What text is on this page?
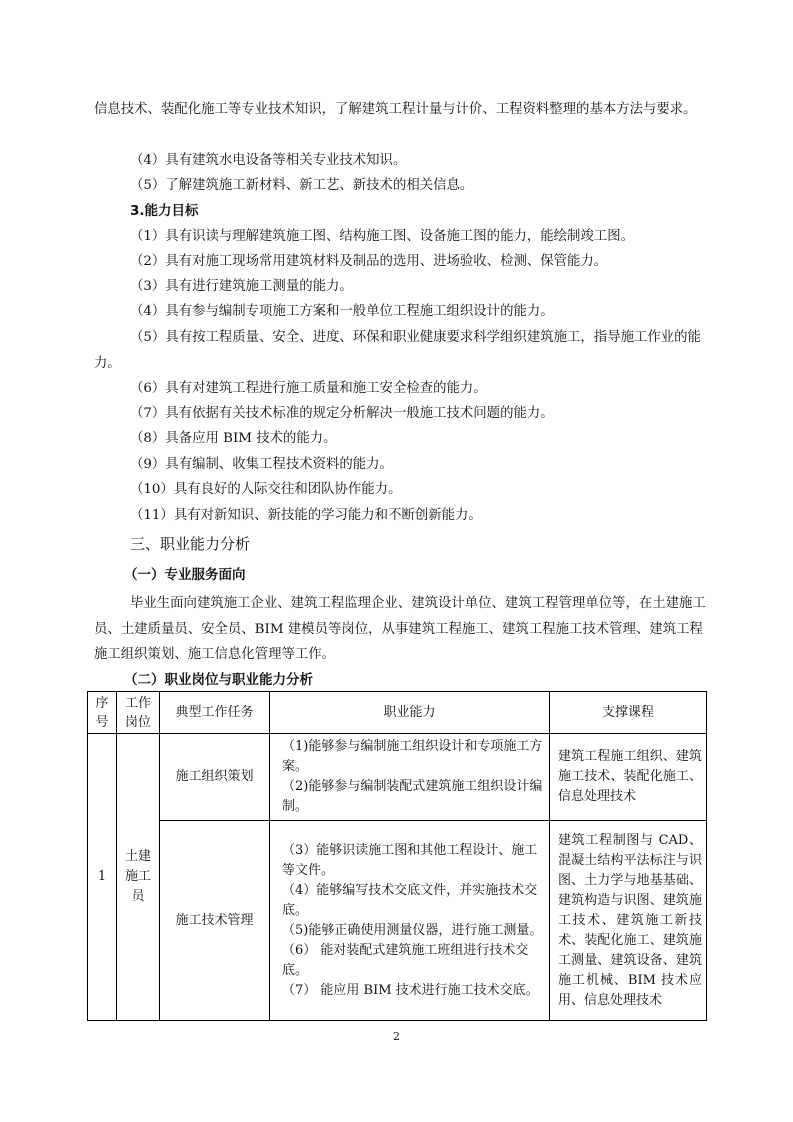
信息技术、装配化施工等专业技术知识，了解建筑工程计量与计价、工程资料整理的基本方法与要求。

（4）具有建筑水电设备等相关专业技术知识。

（5）了解建筑施工新材料、新工艺、新技术的相关信息。

3.能力目标

（1）具有识读与理解建筑施工图、结构施工图、设备施工图的能力，能绘制竣工图。

（2）具有对施工现场常用建筑材料及制品的选用、进场验收、检测、保管能力。

（3）具有进行建筑施工测量的能力。

（4）具有参与编制专项施工方案和一般单位工程施工组织设计的能力。

（5）具有按工程质量、安全、进度、环保和职业健康要求科学组织建筑施工，指导施工作业的能力。

（6）具有对建筑工程进行施工质量和施工安全检查的能力。

（7）具有依据有关技术标准的规定分析解决一般施工技术问题的能力。

（8）具备应用 BIM 技术的能力。

（9）具有编制、收集工程技术资料的能力。

（10）具有良好的人际交往和团队协作能力。

（11）具有对新知识、新技能的学习能力和不断创新能力。

三、职业能力分析

（一）专业服务面向

毕业生面向建筑施工企业、建筑工程监理企业、建筑设计单位、建筑工程管理单位等，在土建施工员、土建质量员、安全员、BIM 建模员等岗位，从事建筑工程施工、建筑工程施工技术管理、建筑工程施工组织策划、施工信息化管理等工作。

（二）职业岗位与职业能力分析

序号	工作岗位	典型工作任务	职业能力	支撑课程
1	土建施工员	施工组织策划	（1)能够参与编制施工组织设计和专项施工方案。
（2)能够参与编制装配式建筑施工组织设计编制。	建筑工程施工组织、建筑施工技术、装配化施工、信息处理技术
		施工技术管理	（3）能够识读施工图和其他工程设计、施工等文件。
（4）能够编写技术交底文件，并实施技术交底。
（5)能够正确使用测量仪器，进行施工测量。
（6） 能对装配式建筑施工班组进行技术交底。
（7） 能应用 BIM 技术进行施工技术交底。	建筑工程制图与 CAD、混凝土结构平法标注与识图、土力学与地基基础、建筑构造与识图、建筑施工技术、建筑施工新技术、装配化施工、建筑施工测量、建筑设备、建筑施工机械、BIM 技术应用、信息处理技术
2
